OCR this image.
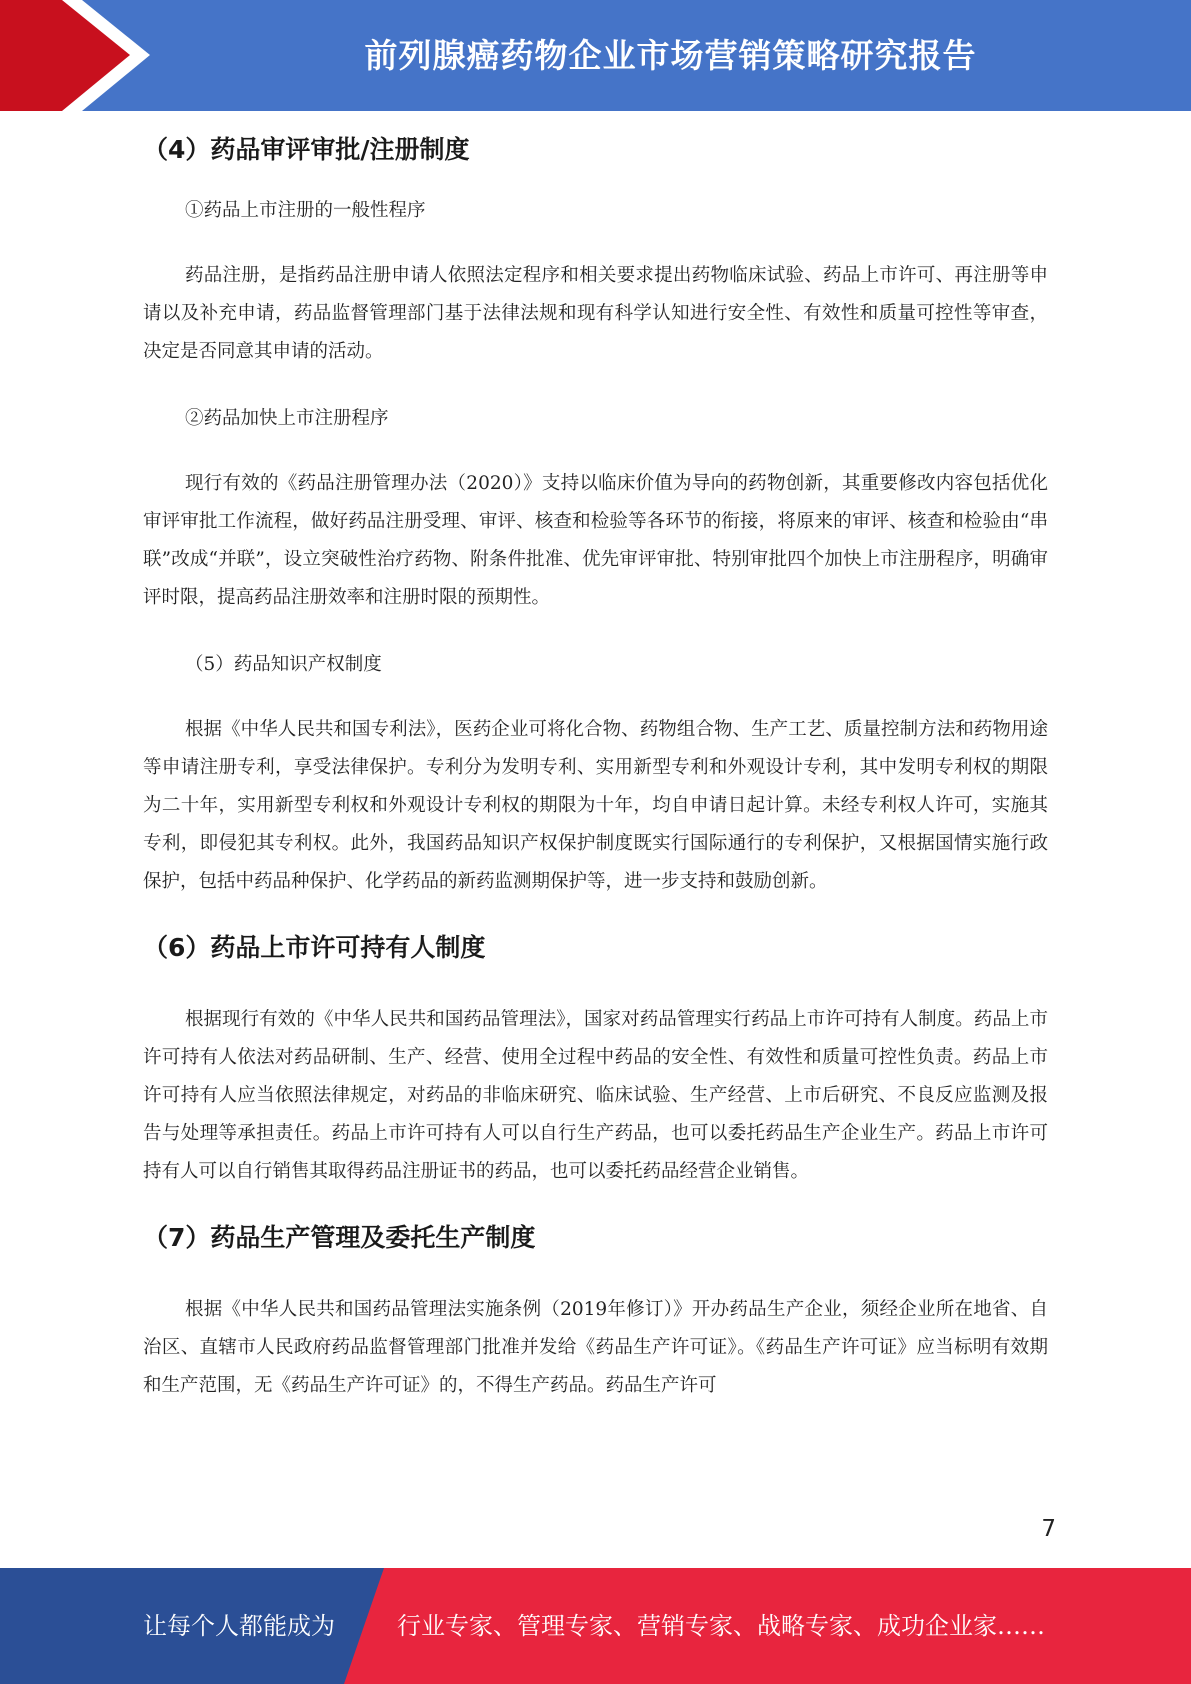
前列腺癌药物企业市场营销策略研究报告
（4）药品审评审批/注册制度

①药品上市注册的一般性程序

药品注册，是指药品注册申请人依照法定程序和相关要求提出药物临床试验、药品上市许可、再注册等申请以及补充申请，药品监督管理部门基于法律法规和现有科学认知进行安全性、有效性和质量可控性等审查，决定是否同意其申请的活动。

②药品加快上市注册程序

现行有效的《药品注册管理办法（2020）》支持以临床价值为导向的药物创新，其重要修改内容包括优化审评审批工作流程，做好药品注册受理、审评、核查和检验等各环节的衔接，将原来的审评、核查和检验由“串联”改成“并联”，设立突破性治疗药物、附条件批准、优先审评审批、特别审批四个加快上市注册程序，明确审评时限，提高药品注册效率和注册时限的预期性。

（5）药品知识产权制度

根据《中华人民共和国专利法》，医药企业可将化合物、药物组合物、生产工艺、质量控制方法和药物用途等申请注册专利，享受法律保护。专利分为发明专利、实用新型专利和外观设计专利，其中发明专利权的期限为二十年，实用新型专利权和外观设计专利权的期限为十年，均自申请日起计算。未经专利权人许可，实施其专利，即侵犯其专利权。此外，我国药品知识产权保护制度既实行国际通行的专利保护，又根据国情实施行政保护，包括中药品种保护、化学药品的新药监测期保护等，进一步支持和鼓励创新。

（6）药品上市许可持有人制度

根据现行有效的《中华人民共和国药品管理法》，国家对药品管理实行药品上市许可持有人制度。药品上市许可持有人依法对药品研制、生产、经营、使用全过程中药品的安全性、有效性和质量可控性负责。药品上市许可持有人应当依照法律规定，对药品的非临床研究、临床试验、生产经营、上市后研究、不良反应监测及报告与处理等承担责任。药品上市许可持有人可以自行生产药品，也可以委托药品生产企业生产。药品上市许可持有人可以自行销售其取得药品注册证书的药品，也可以委托药品经营企业销售。

（7）药品生产管理及委托生产制度

根据《中华人民共和国药品管理法实施条例（2019年修订）》开办药品生产企业，须经企业所在地省、自治区、直辖市人民政府药品监督管理部门批准并发给《药品生产许可证》。《药品生产许可证》应当标明有效期和生产范围，无《药品生产许可证》的，不得生产药品。药品生产许可

7
让每个人都能成为	行业专家、管理专家、营销专家、战略专家、成功企业家……
